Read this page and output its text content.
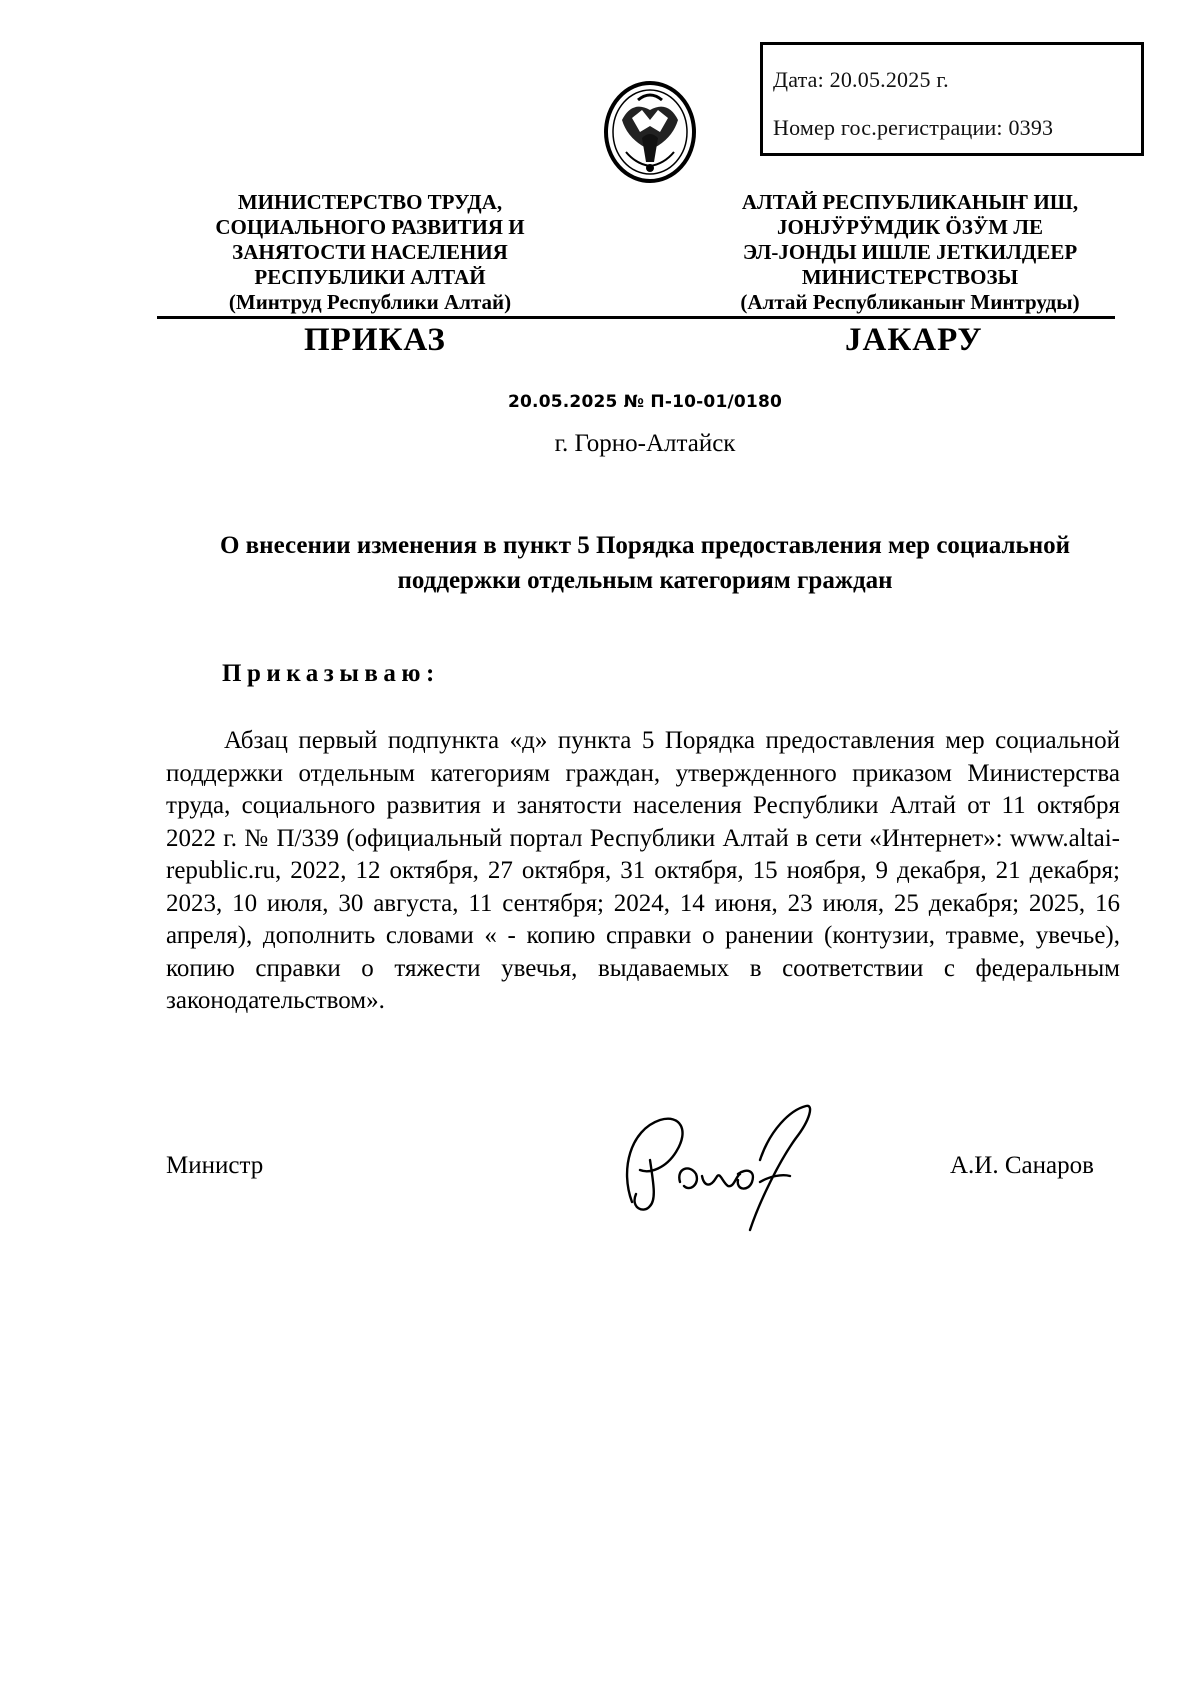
Дата: 20.05.2025 г.
Номер гос.регистрации: 0393
МИНИСТЕРСТВО ТРУДА,
СОЦИАЛЬНОГО РАЗВИТИЯ И
ЗАНЯТОСТИ НАСЕЛЕНИЯ
РЕСПУБЛИКИ АЛТАЙ
(Минтруд Республики Алтай)
АЛТАЙ РЕСПУБЛИКАНЫҤ ИШ,
ЈОНЈӰРӰМДИК ӦЗӰМ ЛЕ
ЭЛ-ЈОНДЫ ИШЛЕ ЈЕТКИЛДЕЕР
МИНИСТЕРСТВОЗЫ
(Алтай Республиканыҥ Минтруды)
ПРИКАЗ	ЈАКАРУ
20.05.2025 № П-10-01/0180
г. Горно-Алтайск
О внесении изменения в пункт 5 Порядка предоставления мер социальной поддержки отдельным категориям граждан
Приказываю:

Абзац первый подпункта «д» пункта 5 Порядка предоставления мер социальной поддержки отдельным категориям граждан, утвержденного приказом Министерства труда, социального развития и занятости населения Республики Алтай от 11 октября 2022 г. № П/339 (официальный портал Республики Алтай в сети «Интернет»: www.altai-republic.ru, 2022, 12 октября, 27 октября, 31 октября, 15 ноября, 9 декабря, 21 декабря; 2023, 10 июля, 30 августа, 11 сентября; 2024, 14 июня, 23 июля, 25 декабря; 2025, 16 апреля), дополнить словами « - копию справки о ранении (контузии, травме, увечье), копию справки о тяжести увечья, выдаваемых в соответствии с федеральным законодательством».

Министр	А.И. Санаров
